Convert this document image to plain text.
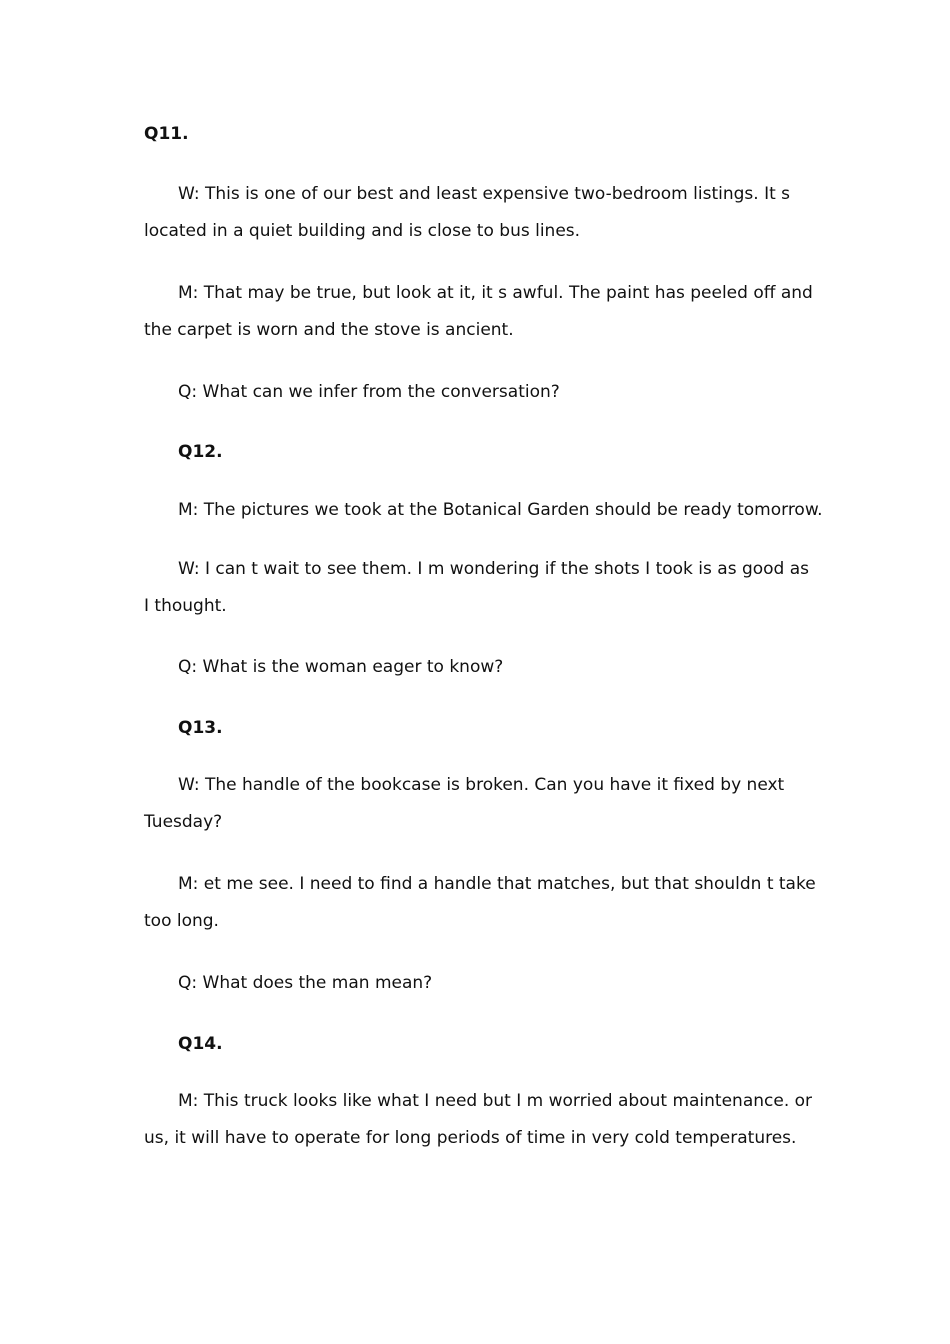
Q11.
W: This is one of our best and least expensive two-bedroom listings. It s
located in a quiet building and is close to bus lines.
M: That may be true, but look at it, it s awful. The paint has peeled off and
the carpet is worn and the stove is ancient.
Q: What can we infer from the conversation?
Q12.
M: The pictures we took at the Botanical Garden should be ready tomorrow.
W: I can t wait to see them. I m wondering if the shots I took is as good as
I thought.
Q: What is the woman eager to know?
Q13.
W: The handle of the bookcase is broken. Can you have it fixed by next
Tuesday?
M: et me see. I need to find a handle that matches, but that shouldn t take
too long.
Q: What does the man mean?
Q14.
M: This truck looks like what I need but I m worried about maintenance. or
us, it will have to operate for long periods of time in very cold temperatures.
